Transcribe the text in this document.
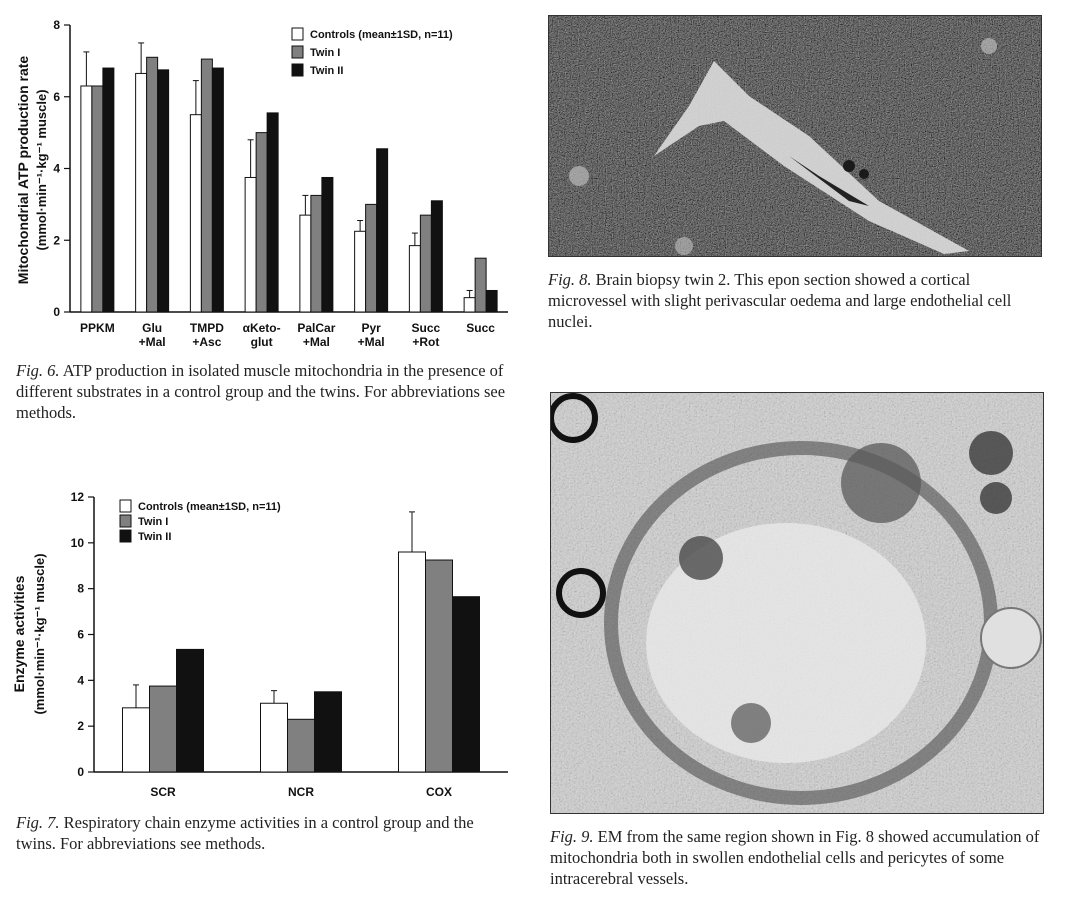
0
2
4
6
8
Mitochondrial ATP production rate (mmol·min⁻¹·kg⁻¹ muscle)
PPKM Glu
+Mal
TMPD
+Asc
αKeto-
glut
PalCar
+Mal
Pyr
+Mal
Succ
+Rot
Succ
Controls (mean±1SD, n=11)
Twin I
Twin II

Fig. 6. ATP production in isolated muscle mitochondria in the presence of different substrates in a control group and the twins. For abbreviations see methods.

0
2
4
6
8
10
12
Enzyme activities (mmol·min⁻¹·kg⁻¹ muscle)
SCR	NCR	COX
Controls (mean±1SD, n=11)
Twin I
Twin II

Fig. 7. Respiratory chain enzyme activities in a control group and the twins. For abbreviations see methods.

Fig. 8. Brain biopsy twin 2. This epon section showed a cortical microvessel with slight perivascular oedema and large endothelial cell nuclei.

Fig. 9. EM from the same region shown in Fig. 8 showed accumulation of mitochondria both in swollen endothelial cells and pericytes of some intracerebral vessels.
